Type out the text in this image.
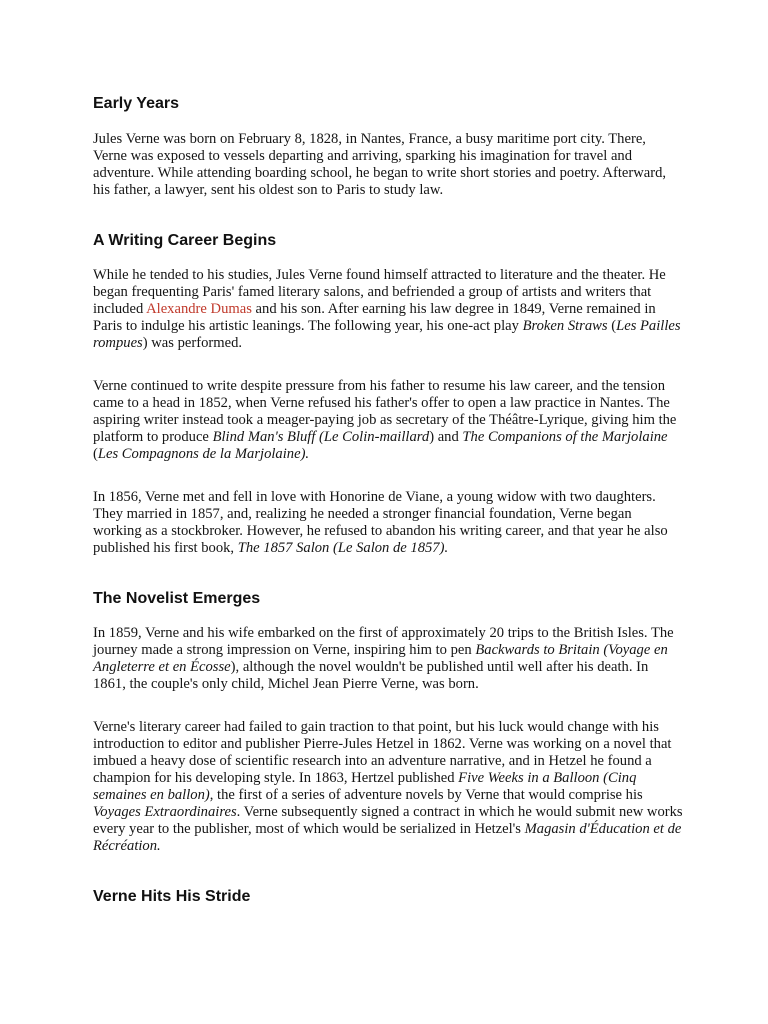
Early Years

Jules Verne was born on February 8, 1828, in Nantes, France, a busy maritime port city. There, Verne was exposed to vessels departing and arriving, sparking his imagination for travel and adventure. While attending boarding school, he began to write short stories and poetry. Afterward, his father, a lawyer, sent his oldest son to Paris to study law.

A Writing Career Begins

While he tended to his studies, Jules Verne found himself attracted to literature and the theater. He began frequenting Paris' famed literary salons, and befriended a group of artists and writers that included Alexandre Dumas and his son. After earning his law degree in 1849, Verne remained in Paris to indulge his artistic leanings. The following year, his one-act play Broken Straws (Les Pailles rompues) was performed.

Verne continued to write despite pressure from his father to resume his law career, and the tension came to a head in 1852, when Verne refused his father's offer to open a law practice in Nantes. The aspiring writer instead took a meager-paying job as secretary of the Théâtre-Lyrique, giving him the platform to produce Blind Man's Bluff (Le Colin-maillard) and The Companions of the Marjolaine (Les Compagnons de la Marjolaine).

In 1856, Verne met and fell in love with Honorine de Viane, a young widow with two daughters. They married in 1857, and, realizing he needed a stronger financial foundation, Verne began working as a stockbroker. However, he refused to abandon his writing career, and that year he also published his first book, The 1857 Salon (Le Salon de 1857).

The Novelist Emerges

In 1859, Verne and his wife embarked on the first of approximately 20 trips to the British Isles. The journey made a strong impression on Verne, inspiring him to pen Backwards to Britain (Voyage en Angleterre et en Écosse), although the novel wouldn't be published until well after his death. In 1861, the couple's only child, Michel Jean Pierre Verne, was born.

Verne's literary career had failed to gain traction to that point, but his luck would change with his introduction to editor and publisher Pierre-Jules Hetzel in 1862. Verne was working on a novel that imbued a heavy dose of scientific research into an adventure narrative, and in Hetzel he found a champion for his developing style. In 1863, Hertzel published Five Weeks in a Balloon (Cinq semaines en ballon), the first of a series of adventure novels by Verne that would comprise his Voyages Extraordinaires. Verne subsequently signed a contract in which he would submit new works every year to the publisher, most of which would be serialized in Hetzel's Magasin d'Éducation et de Récréation.

Verne Hits His Stride
